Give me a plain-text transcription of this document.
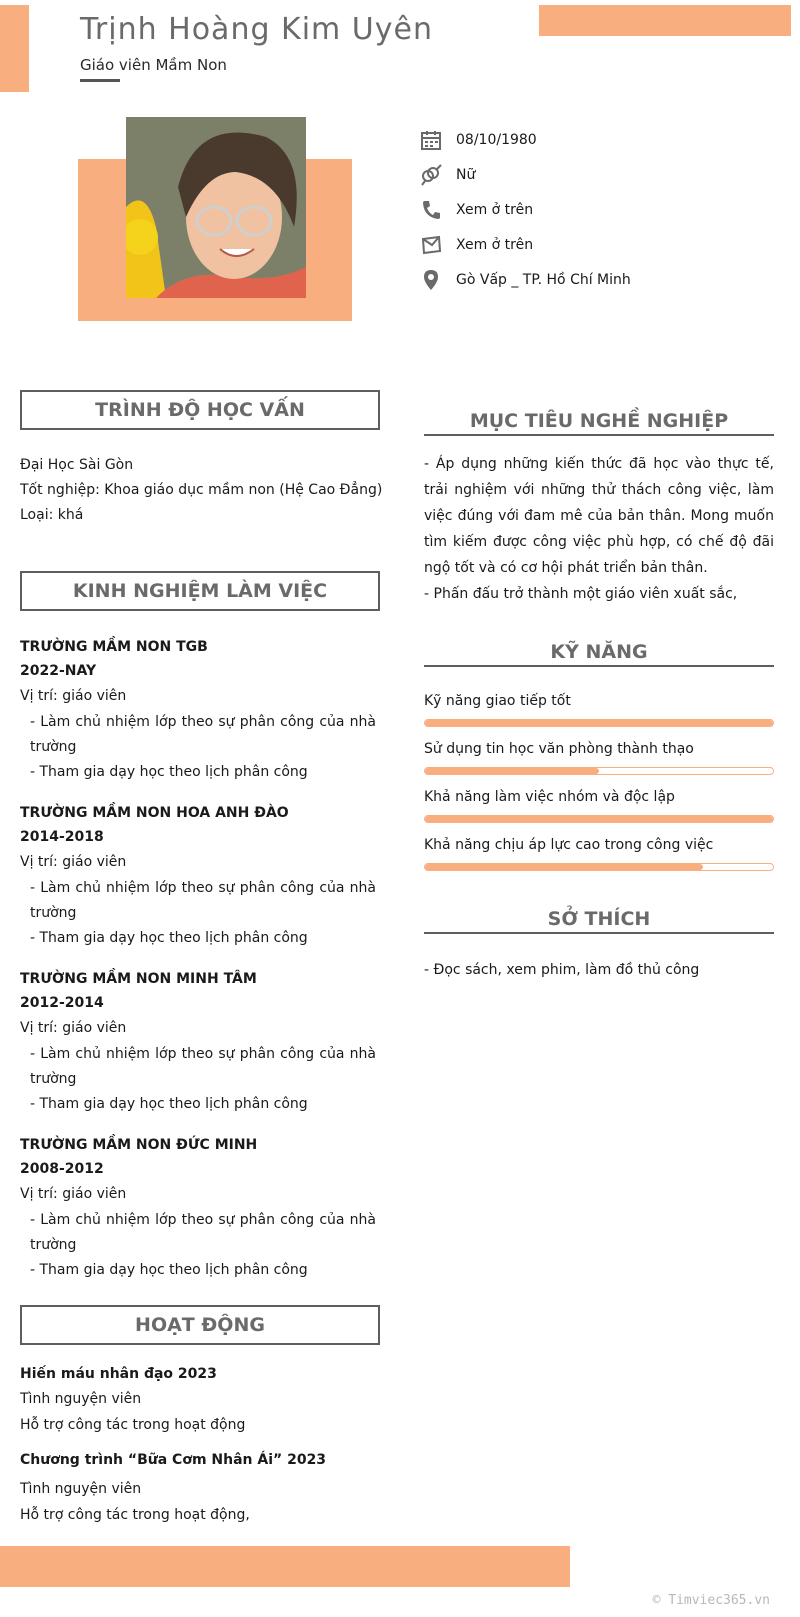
Trịnh Hoàng Kim Uyên
Giáo viên Mầm Non
08/10/1980
Nữ
Xem ở trên
Xem ở trên
Gò Vấp _ TP. Hồ Chí Minh
TRÌNH ĐỘ HỌC VẤN
Đại Học Sài Gòn
Tốt nghiệp: Khoa giáo dục mầm non (Hệ Cao Đẳng)
Loại: khá
KINH NGHIỆM LÀM VIỆC
TRƯỜNG MẦM NON TGB
2022-NAY
Vị trí: giáo viên
- Làm chủ nhiệm lớp theo sự phân công của nhà
trường
- Tham gia dạy học theo lịch phân công
TRƯỜNG MẦM NON HOA ANH ĐÀO
2014-2018
Vị trí: giáo viên
- Làm chủ nhiệm lớp theo sự phân công của nhà
trường
- Tham gia dạy học theo lịch phân công
TRƯỜNG MẦM NON MINH TÂM
2012-2014
Vị trí: giáo viên
- Làm chủ nhiệm lớp theo sự phân công của nhà
trường
- Tham gia dạy học theo lịch phân công
TRƯỜNG MẦM NON ĐỨC MINH
2008-2012
Vị trí: giáo viên
- Làm chủ nhiệm lớp theo sự phân công của nhà
trường
- Tham gia dạy học theo lịch phân công
HOẠT ĐỘNG
Hiến máu nhân đạo 2023
Tình nguyện viên
Hỗ trợ công tác trong hoạt động
Chương trình “Bữa Cơm Nhân Ái” 2023
Tình nguyện viên
Hỗ trợ công tác trong hoạt động,
MỤC TIÊU NGHỀ NGHIỆP
- Áp dụng những kiến thức đã học vào thực tế, trải nghiệm với những thử thách công việc, làm việc đúng với đam mê của bản thân. Mong muốn tìm kiếm được công việc phù hợp, có chế độ đãi ngộ tốt và có cơ hội phát triển bản thân.
- Phấn đấu trở thành một giáo viên xuất sắc,
KỸ NĂNG
Kỹ năng giao tiếp tốt
Sử dụng tin học văn phòng thành thạo
Khả năng làm việc nhóm và độc lập
Khả năng chịu áp lực cao trong công việc
SỞ THÍCH
- Đọc sách, xem phim, làm đồ thủ công
© Timviec365.vn
